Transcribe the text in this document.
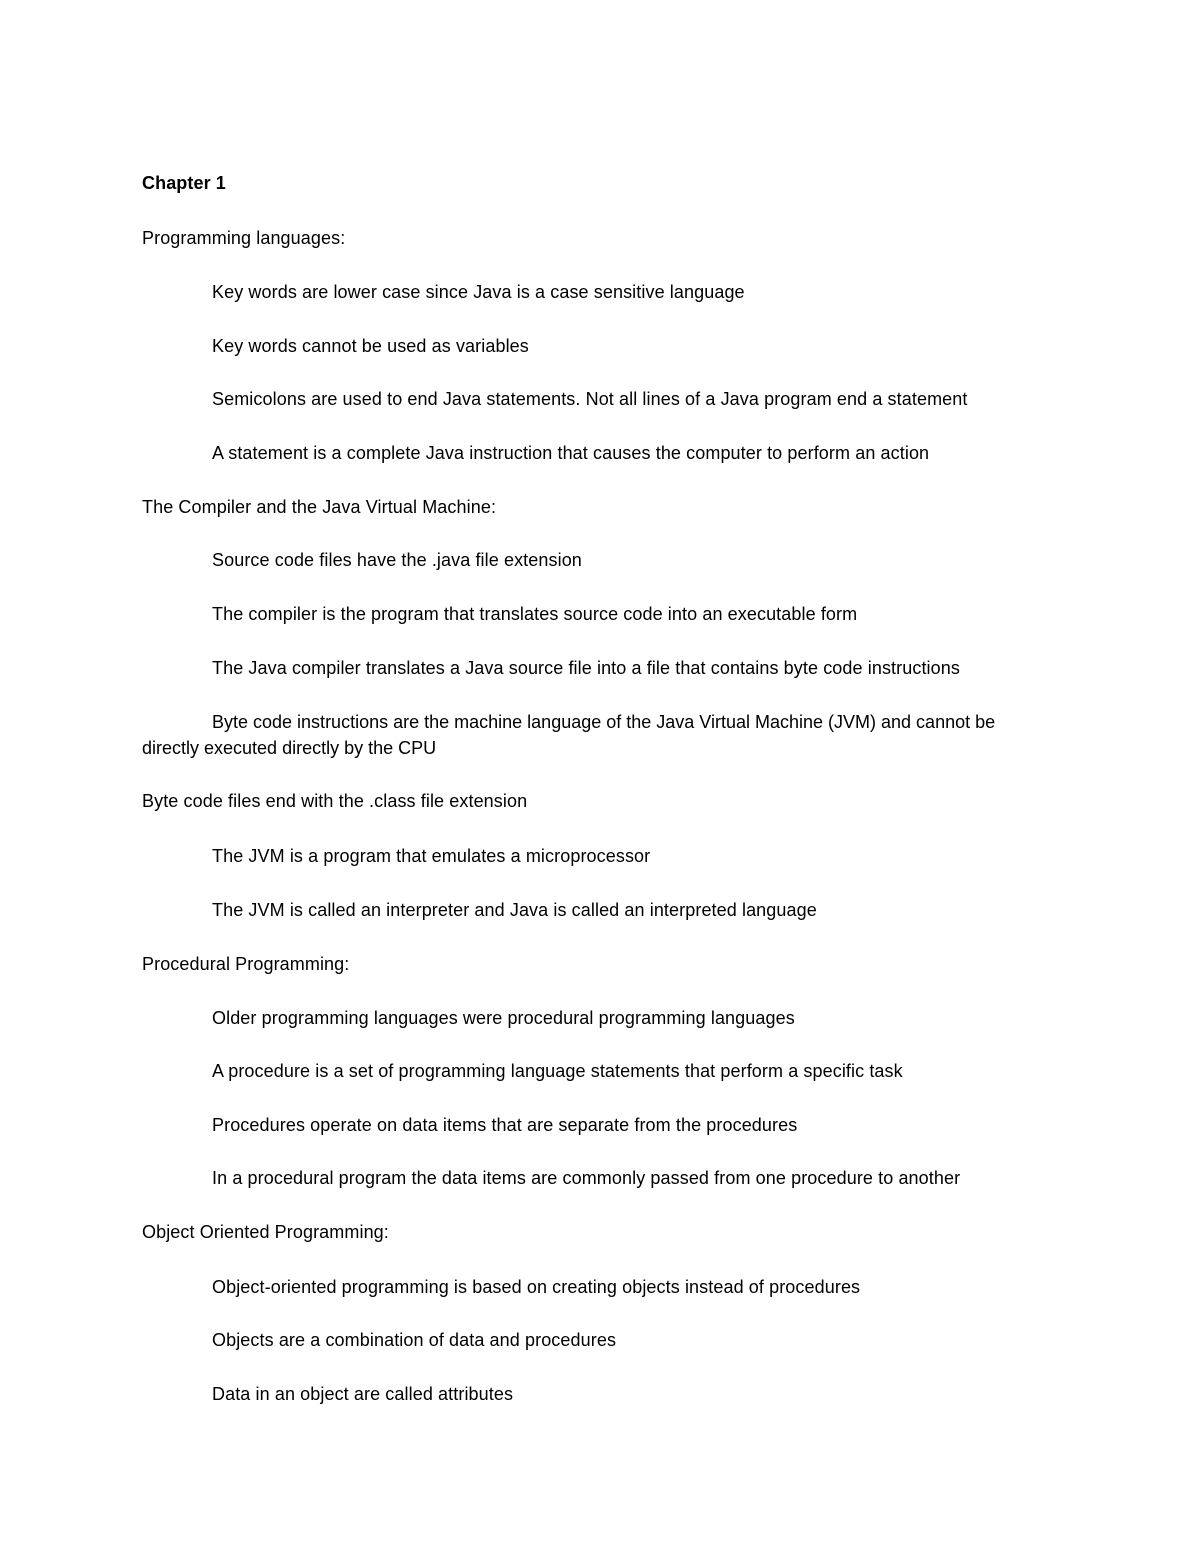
Chapter 1
Programming languages:
Key words are lower case since Java is a case sensitive language
Key words cannot be used as variables
Semicolons are used to end Java statements. Not all lines of a Java program end a statement
A statement is a complete Java instruction that causes the computer to perform an action
The Compiler and the Java Virtual Machine:
Source code files have the .java file extension
The compiler is the program that translates source code into an executable form
The Java compiler translates a Java source file into a file that contains byte code instructions
Byte code instructions are the machine language of the Java Virtual Machine (JVM) and cannot be directly executed directly by the CPU
Byte code files end with the .class file extension
The JVM is a program that emulates a microprocessor
The JVM is called an interpreter and Java is called an interpreted language
Procedural Programming:
Older programming languages were procedural programming languages
A procedure is a set of programming language statements that perform a specific task
Procedures operate on data items that are separate from the procedures
In a procedural program the data items are commonly passed from one procedure to another
Object Oriented Programming:
Object-oriented programming is based on creating objects instead of procedures
Objects are a combination of data and procedures
Data in an object are called attributes
